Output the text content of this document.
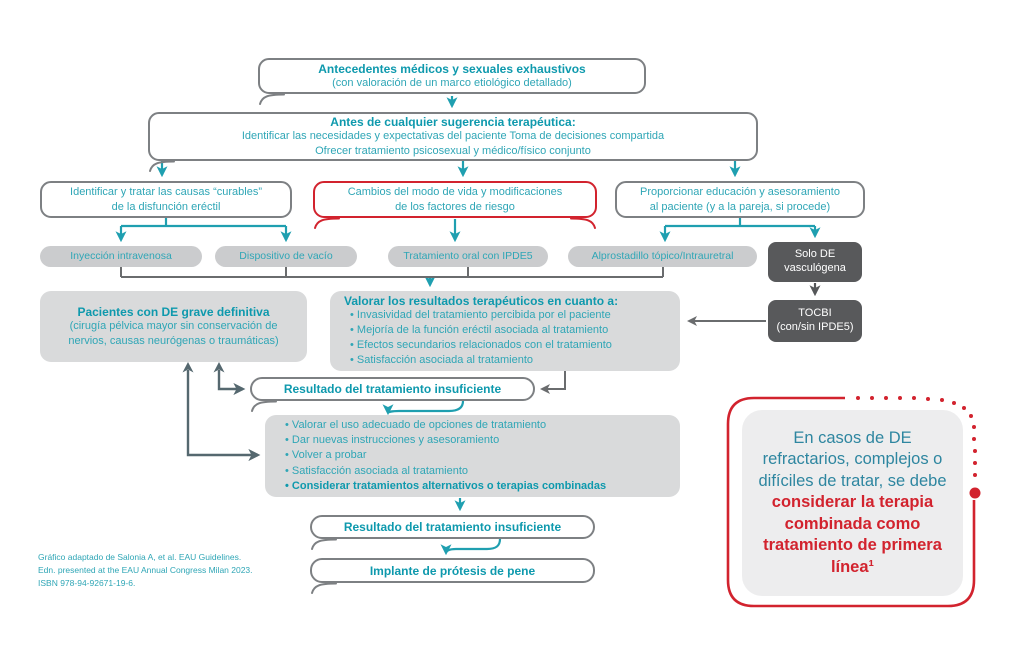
Antecedentes médicos y sexuales exhaustivos
(con valoración de un marco etiológico detallado)
Antes de cualquier sugerencia terapéutica:
Identificar las necesidades y expectativas del paciente Toma de decisiones compartida
Ofrecer tratamiento psicosexual y médico/físico conjunto
Identificar y tratar las causas “curables”
de la disfunción eréctil
Cambios del modo de vida y modificaciones
de los factores de riesgo
Proporcionar educación y asesoramiento
al paciente (y a la pareja, si procede)
Inyección intravenosa	Dispositivo de vacío	Tratamiento oral con IPDE5	Alprostadillo tópico/Intrauretral	Solo DE
vasculógena
TOCBI
(con/sin IPDE5)
Pacientes con DE grave definitiva
(cirugía pélvica mayor sin conservación de
nervios, causas neurógenas o traumáticas)
Valorar los resultados terapéuticos en cuanto a:
• Invasividad del tratamiento percibida por el paciente
• Mejoría de la función eréctil asociada al tratamiento
• Efectos secundarios relacionados con el tratamiento
• Satisfacción asociada al tratamiento
Resultado del tratamiento insuficiente
• Valorar el uso adecuado de opciones de tratamiento
• Dar nuevas instrucciones y asesoramiento
• Volver a probar
• Satisfacción asociada al tratamiento
• Considerar tratamientos alternativos o terapias combinadas
Resultado del tratamiento insuficiente
Implante de prótesis de pene
Gráfico adaptado de Salonia A, et al. EAU Guidelines.
Edn. presented at the EAU Annual Congress Milan 2023.
ISBN 978-94-92671-19-6.
En casos de DE refractarios, complejos o difíciles de tratar, se debe considerar la terapia combinada como tratamiento de primera línea¹
